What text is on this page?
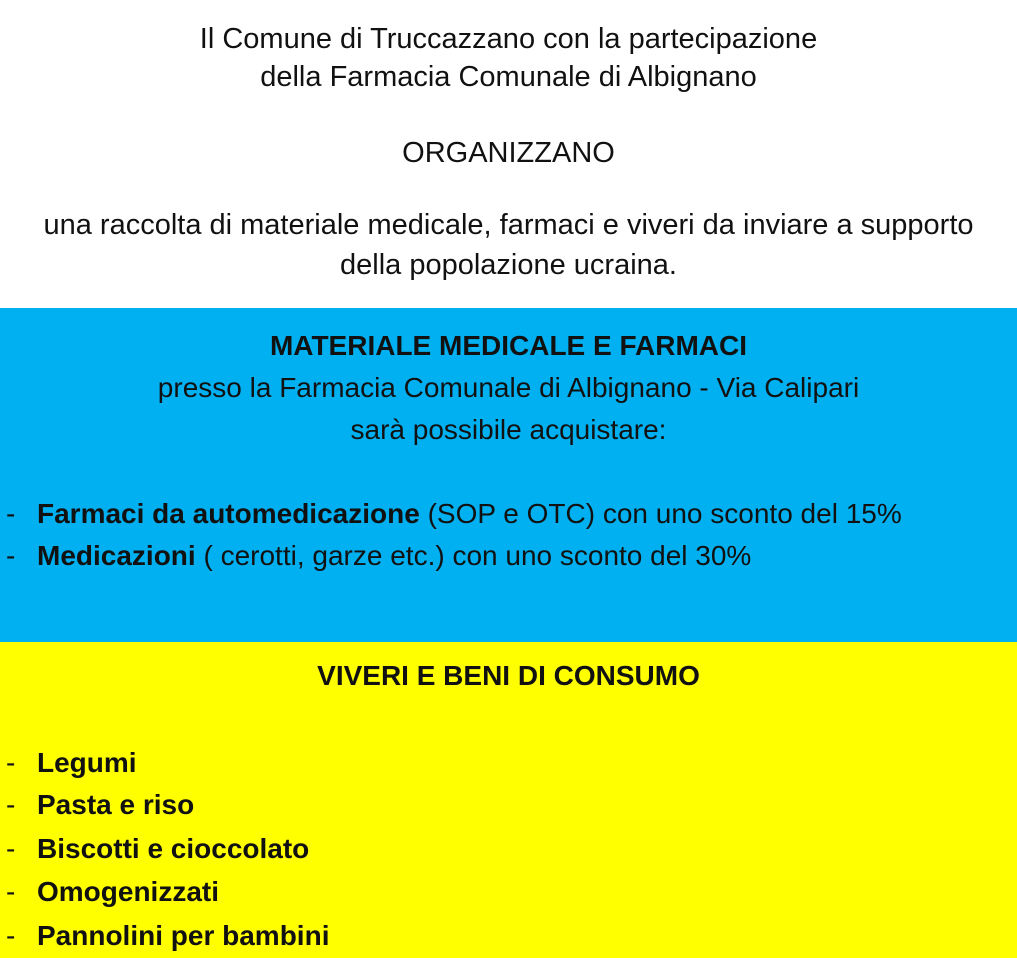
Il Comune di Truccazzano con la partecipazione
della Farmacia Comunale di Albignano
ORGANIZZANO
una raccolta di materiale medicale, farmaci e viveri da inviare a supporto
della popolazione ucraina.
MATERIALE MEDICALE E FARMACI
presso la Farmacia Comunale di Albignano - Via Calipari
sarà possibile acquistare:
- Farmaci da automedicazione (SOP e OTC) con uno sconto del 15%
- Medicazioni ( cerotti, garze etc.) con uno sconto del 30%
VIVERI E BENI DI CONSUMO
- Legumi
- Pasta e riso
- Biscotti e cioccolato
- Omogenizzati
- Pannolini per bambini
